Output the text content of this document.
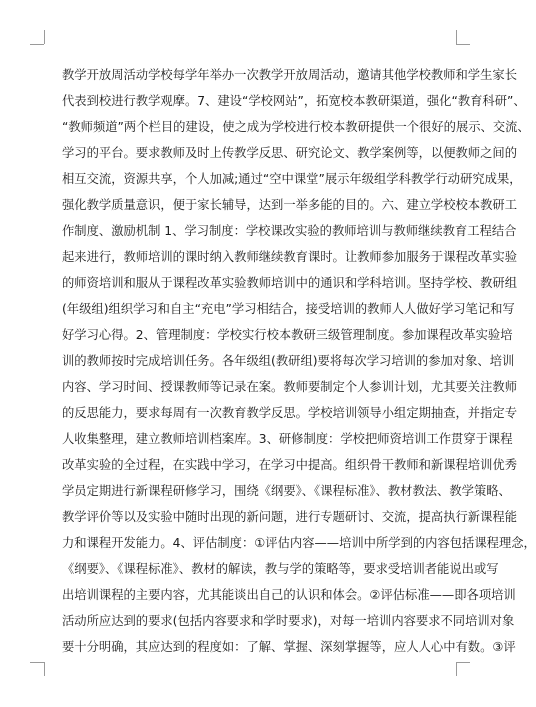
教学开放周活动学校每学年举办一次教学开放周活动，邀请其他学校教师和学生家长
代表到校进行教学观摩。7、建设“学校网站”，拓宽校本教研渠道，强化“教育科研”、
“教师频道”两个栏目的建设，使之成为学校进行校本教研提供一个很好的展示、交流、
学习的平台。要求教师及时上传教学反思、研究论文、教学案例等，以便教师之间的
相互交流，资源共享，个人加减;通过“空中课堂”展示年级组学科教学行动研究成果，
强化教学质量意识，便于家长辅导，达到一举多能的目的。六、建立学校校本教研工
作制度、激励机制 1、学习制度：学校课改实验的教师培训与教师继续教育工程结合
起来进行，教师培训的课时纳入教师继续教育课时。让教师参加服务于课程改革实验
的师资培训和服从于课程改革实验教师培训中的通识和学科培训。坚持学校、教研组
(年级组)组织学习和自主“充电”学习相结合，接受培训的教师人人做好学习笔记和写
好学习心得。2、管理制度：学校实行校本教研三级管理制度。参加课程改革实验培
训的教师按时完成培训任务。各年级组(教研组)要将每次学习培训的参加对象、培训
内容、学习时间、授课教师等记录在案。教师要制定个人参训计划，尤其要关注教师
的反思能力，要求每周有一次教育教学反思。学校培训领导小组定期抽查，并指定专
人收集整理，建立教师培训档案库。3、研修制度：学校把师资培训工作贯穿于课程
改革实验的全过程，在实践中学习，在学习中提高。组织骨干教师和新课程培训优秀
学员定期进行新课程研修学习，围绕《纲要》、《课程标准》、教材教法、教学策略、
教学评价等以及实验中随时出现的新问题，进行专题研讨、交流，提高执行新课程能
力和课程开发能力。4、评估制度：①评估内容——培训中所学到的内容包括课程理念，
《纲要》、《课程标准》、教材的解读，教与学的策略等，要求受培训者能说出或写
出培训课程的主要内容，尤其能谈出自己的认识和体会。②评估标准——即各项培训
活动所应达到的要求(包括内容要求和学时要求)，对每一培训内容要求不同培训对象
要十分明确，其应达到的程度如：了解、掌握、深刻掌握等，应人人心中有数。③评
